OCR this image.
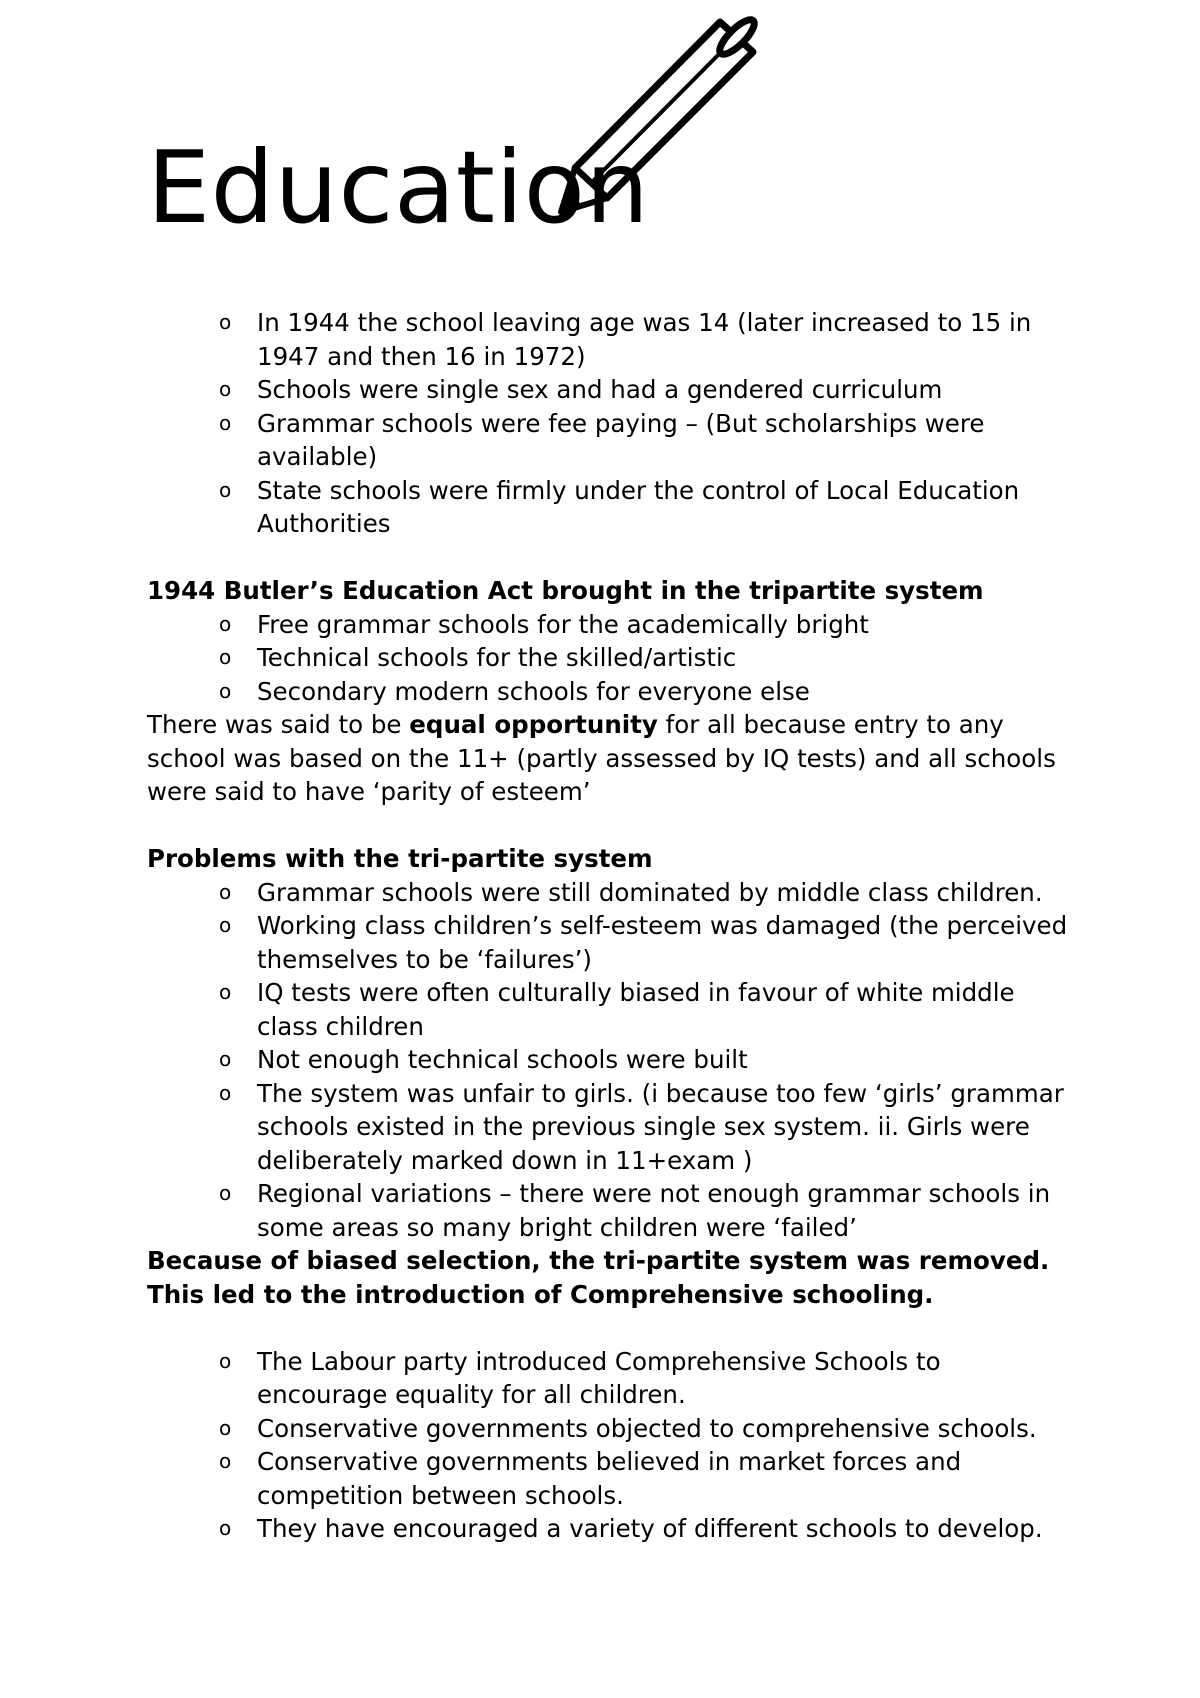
Education
o In 1944 the school leaving age was 14 (later increased to 15 in 1947 and then 16 in 1972)
o Schools were single sex and had a gendered curriculum
o Grammar schools were fee paying – (But scholarships were available)
o State schools were firmly under the control of Local Education Authorities

1944 Butler’s Education Act brought in the tripartite system

o Free grammar schools for the academically bright
o Technical schools for the skilled/artistic
o Secondary modern schools for everyone else

There was said to be equal opportunity for all because entry to any school was based on the 11+ (partly assessed by IQ tests) and all schools were said to have ‘parity of esteem’

Problems with the tri-partite system

o Grammar schools were still dominated by middle class children.
o Working class children’s self-esteem was damaged (the perceived themselves to be ‘failures’)
o IQ tests were often culturally biased in favour of white middle class children
o Not enough technical schools were built
o The system was unfair to girls. (i because too few ‘girls’ grammar schools existed in the previous single sex system. ii. Girls were deliberately marked down in 11+exam )
o Regional variations – there were not enough grammar schools in some areas so many bright children were ‘failed’

Because of biased selection, the tri-partite system was removed. This led to the introduction of Comprehensive schooling.

o The Labour party introduced Comprehensive Schools to encourage equality for all children.
o Conservative governments objected to comprehensive schools.
o Conservative governments believed in market forces and competition between schools.
o They have encouraged a variety of different schools to develop.
